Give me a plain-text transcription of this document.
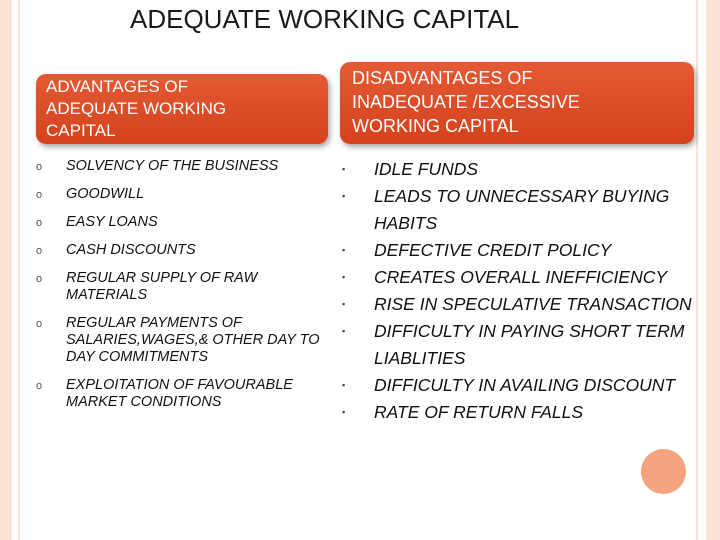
ADEQUATE WORKING CAPITAL
ADVANTAGES OF
ADEQUATE WORKING
CAPITAL
DISADVANTAGES OF
INADEQUATE /EXCESSIVE
WORKING CAPITAL
o SOLVENCY OF THE BUSINESS
o GOODWILL
o EASY LOANS
o CASH DISCOUNTS
o REGULAR SUPPLY OF RAW MATERIALS
o REGULAR PAYMENTS OF SALARIES,WAGES,& OTHER DAY TO DAY COMMITMENTS
o EXPLOITATION OF FAVOURABLE MARKET CONDITIONS
▪ IDLE FUNDS
▪ LEADS TO UNNECESSARY BUYING HABITS
▪ DEFECTIVE CREDIT POLICY
▪ CREATES OVERALL INEFFICIENCY
▪ RISE IN SPECULATIVE TRANSACTION
▪ DIFFICULTY IN PAYING SHORT TERM LIABLITIES
▪ DIFFICULTY IN AVAILING DISCOUNT
▪ RATE OF RETURN FALLS
